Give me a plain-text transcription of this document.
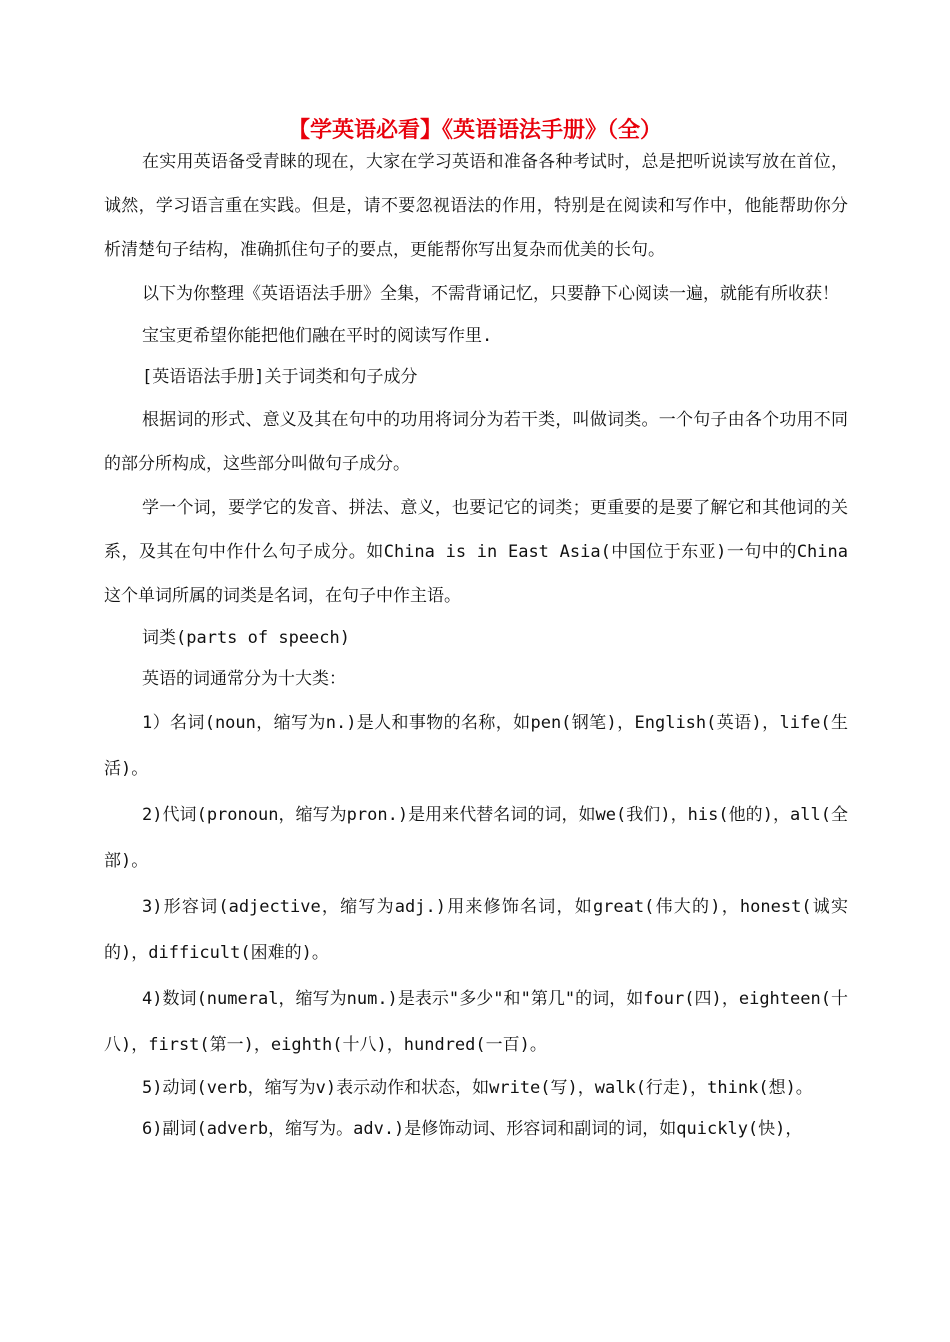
【学英语必看】《英语语法手册》（全）

在实用英语备受青睐的现在，大家在学习英语和准备各种考试时，总是把听说读写放在首位，诚然，学习语言重在实践。但是，请不要忽视语法的作用，特别是在阅读和写作中，他能帮助你分析清楚句子结构，准确抓住句子的要点，更能帮你写出复杂而优美的长句。

以下为你整理《英语语法手册》全集，不需背诵记忆，只要静下心阅读一遍，就能有所收获！

宝宝更希望你能把他们融在平时的阅读写作里.

[英语语法手册]关于词类和句子成分

根据词的形式、意义及其在句中的功用将词分为若干类，叫做词类。一个句子由各个功用不同的部分所构成，这些部分叫做句子成分。

学一个词，要学它的发音、拼法、意义，也要记它的词类；更重要的是要了解它和其他词的关系，及其在句中作什么句子成分。如China is in East Asia(中国位于东亚)一句中的China这个单词所属的词类是名词，在句子中作主语。

词类(parts of speech)

英语的词通常分为十大类：

1）名词(noun，缩写为n.)是人和事物的名称，如pen(钢笔)，English(英语)，life(生活)。

2)代词(pronoun，缩写为pron.)是用来代替名词的词，如we(我们)，his(他的)，all(全部)。

3)形容词(adjective，缩写为adj.)用来修饰名词，如great(伟大的)，honest(诚实的)，difficult(困难的)。

4)数词(numeral，缩写为num.)是表示"多少"和"第几"的词，如four(四)，eighteen(十八)，first(第一)，eighth(十八)，hundred(一百)。

5)动词(verb，缩写为v)表示动作和状态，如write(写)，walk(行走)，think(想)。

6)副词(adverb，缩写为。adv.)是修饰动词、形容词和副词的词，如quickly(快)，
